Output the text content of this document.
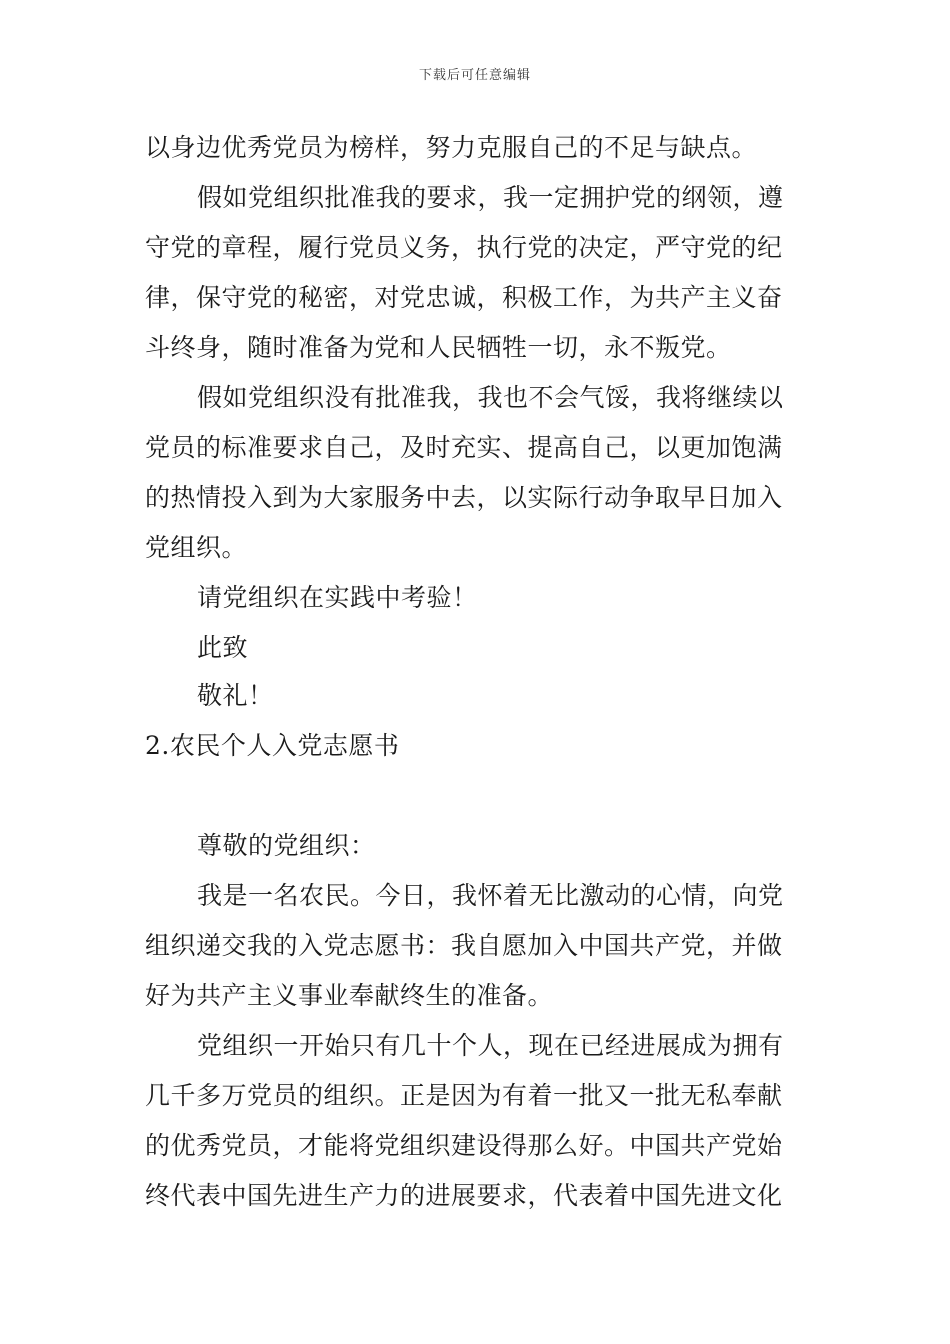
下载后可任意编辑
以身边优秀党员为榜样，努力克服自己的不足与缺点。
假如党组织批准我的要求，我一定拥护党的纲领，遵
守党的章程，履行党员义务，执行党的决定，严守党的纪
律，保守党的秘密，对党忠诚，积极工作，为共产主义奋
斗终身，随时准备为党和人民牺牲一切，永不叛党。
假如党组织没有批准我，我也不会气馁，我将继续以
党员的标准要求自己，及时充实、提高自己，以更加饱满
的热情投入到为大家服务中去，以实际行动争取早日加入
党组织。
请党组织在实践中考验！
此致
敬礼！
2.农民个人入党志愿书
尊敬的党组织：
我是一名农民。今日，我怀着无比激动的心情，向党
组织递交我的入党志愿书：我自愿加入中国共产党，并做
好为共产主义事业奉献终生的准备。
党组织一开始只有几十个人，现在已经进展成为拥有
几千多万党员的组织。正是因为有着一批又一批无私奉献
的优秀党员，才能将党组织建设得那么好。中国共产党始
终代表中国先进生产力的进展要求，代表着中国先进文化
